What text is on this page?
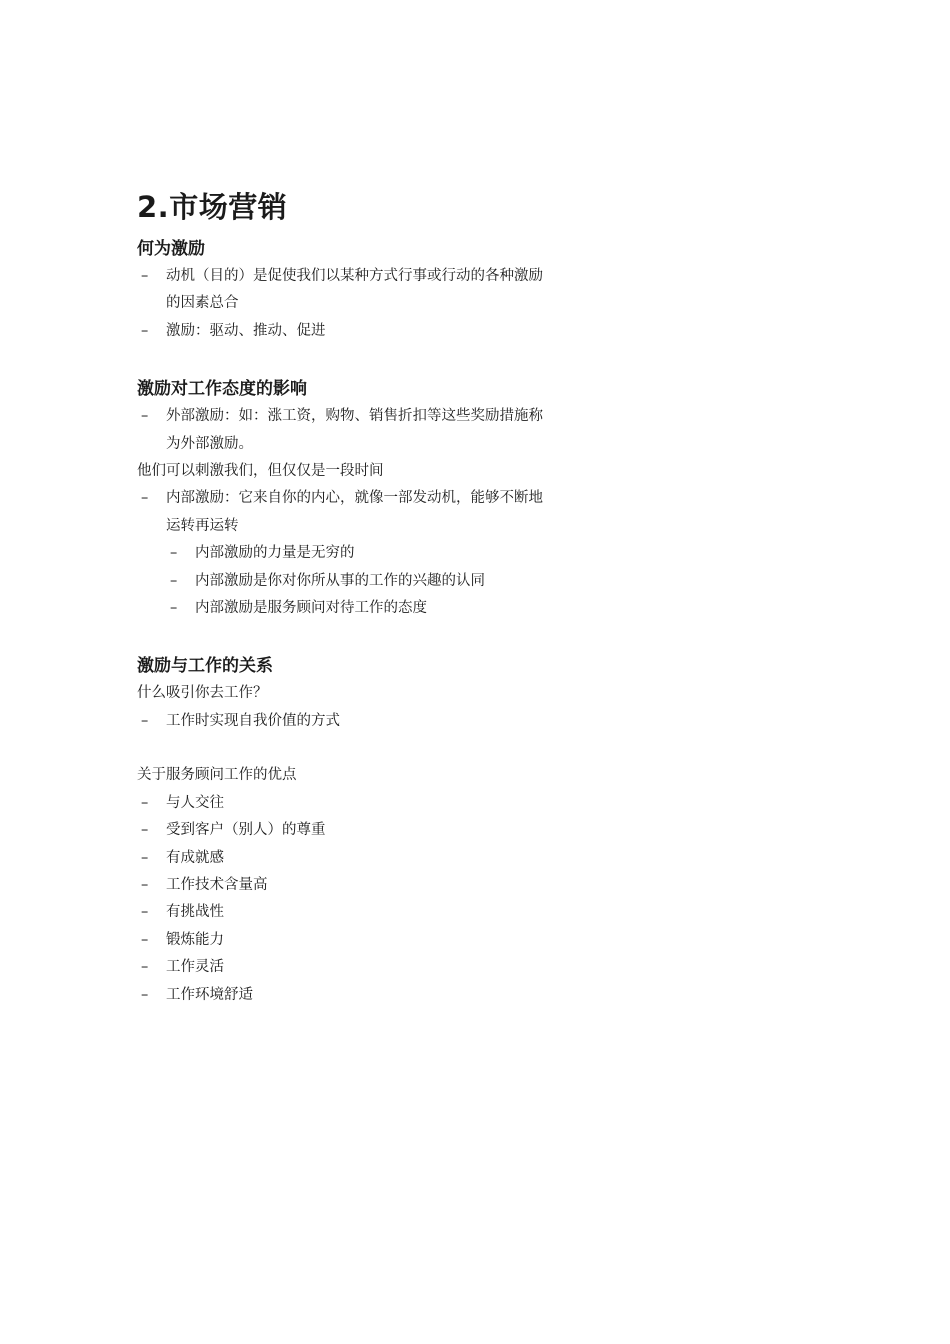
2.市场营销
何为激励
–	动机（目的）是促使我们以某种方式行事或行动的各种激励的因素总合
–	激励：驱动、推动、促进
激励对工作态度的影响
–	外部激励：如：涨工资，购物、销售折扣等这些奖励措施称为外部激励。
他们可以刺激我们，但仅仅是一段时间
–	内部激励：它来自你的内心，就像一部发动机，能够不断地运转再运转
–	内部激励的力量是无穷的
–	内部激励是你对你所从事的工作的兴趣的认同
–	内部激励是服务顾问对待工作的态度
激励与工作的关系
什么吸引你去工作？
–	工作时实现自我价值的方式
关于服务顾问工作的优点
–	与人交往
–	受到客户（别人）的尊重
–	有成就感
–	工作技术含量高
–	有挑战性
–	锻炼能力
–	工作灵活
–	工作环境舒适
